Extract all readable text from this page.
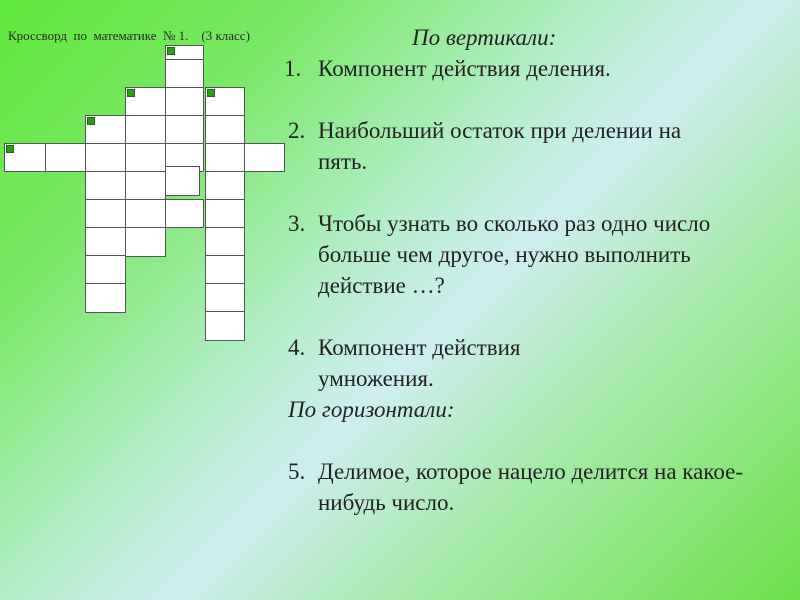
Кроссворд  по  математике  № 1.    (3 класс)	По вертикали:
1. Компонент действия деления.
2. Наибольший остаток при делении на пять.
3. Чтобы узнать во сколько раз одно число больше чем другое, нужно выполнить действие …?
4. Компонент действия умножения.
По горизонтали:
5. Делимое, которое нацело делится на какое-нибудь число.
